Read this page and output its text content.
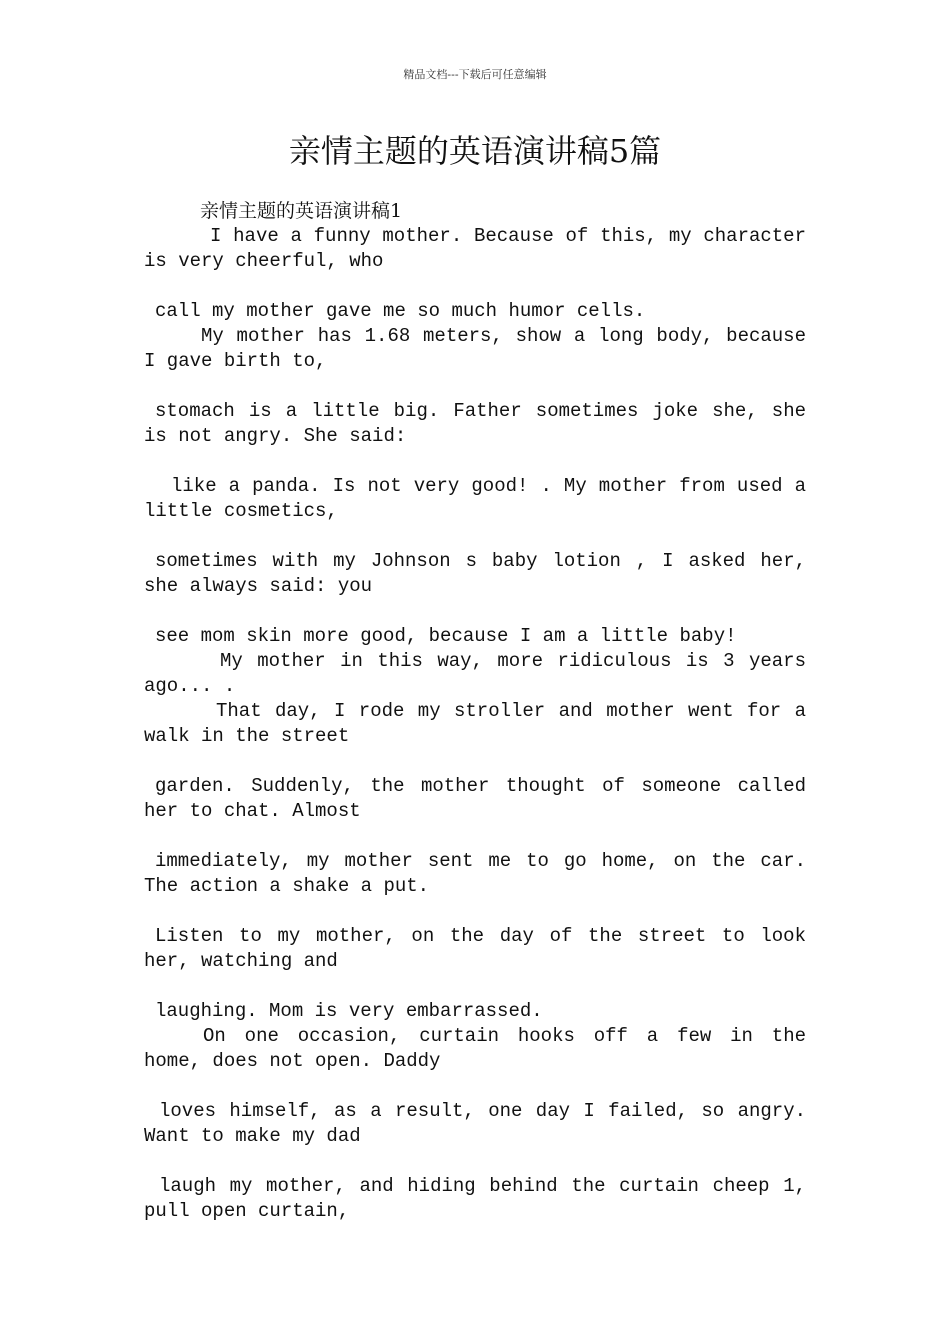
精品文档---下载后可任意编辑
亲情主题的英语演讲稿5篇

亲情主题的英语演讲稿1

I have a funny mother. Because of this, my character is very cheerful, who

call my mother gave me so much humor cells.

My mother has 1.68 meters, show a long body, because I gave birth to,

stomach is a little big. Father sometimes joke she, she is not angry. She said:

like a panda. Is not very good! . My mother from used a little cosmetics,

sometimes with my Johnson s baby lotion , I asked her, she always said: you

see mom skin more good, because I am a little baby!

My mother in this way, more ridiculous is 3 years ago... .

That day, I rode my stroller and mother went for a walk in the street

garden. Suddenly, the mother thought of someone called her to chat. Almost

immediately, my mother sent me to go home, on the car. The action a shake a put.

Listen to my mother, on the day of the street to look her, watching and

laughing. Mom is very embarrassed.

On one occasion, curtain hooks off a few in the home, does not open. Daddy

loves himself, as a result, one day I failed, so angry. Want to make my dad

laugh my mother, and hiding behind the curtain cheep 1, pull open curtain,
